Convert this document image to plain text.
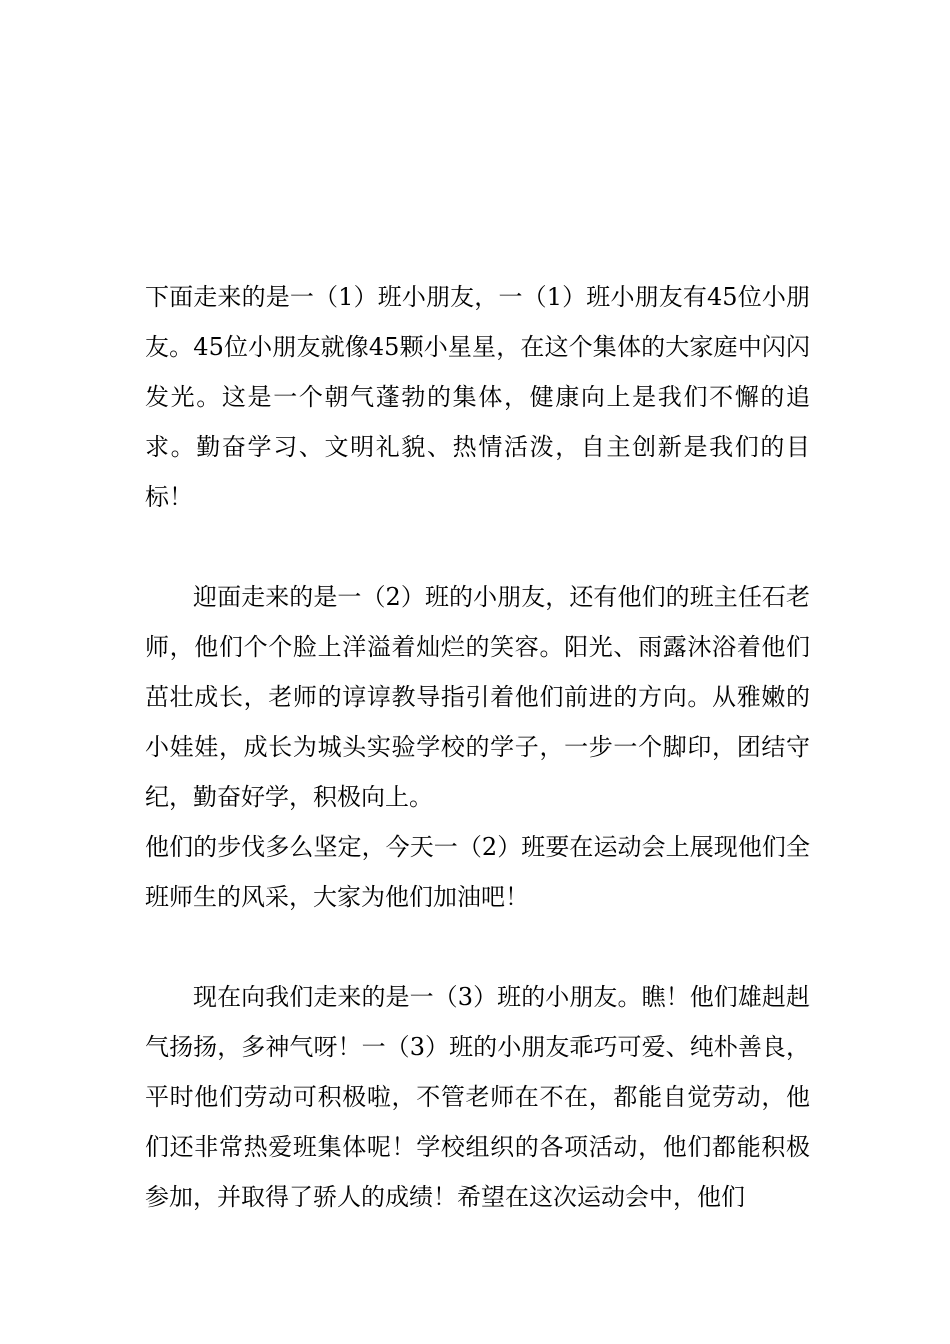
下面走来的是一（1）班小朋友，一（1）班小朋友有45位小朋友。45位小朋友就像45颗小星星，在这个集体的大家庭中闪闪发光。这是一个朝气蓬勃的集体，健康向上是我们不懈的追求。勤奋学习、文明礼貌、热情活泼，自主创新是我们的目标！

迎面走来的是一（2）班的小朋友，还有他们的班主任石老师，他们个个脸上洋溢着灿烂的笑容。阳光、雨露沐浴着他们茁壮成长，老师的谆谆教导指引着他们前进的方向。从雅嫩的小娃娃，成长为城头实验学校的学子，一步一个脚印，团结守纪，勤奋好学，积极向上。

他们的步伐多么坚定，今天一（2）班要在运动会上展现他们全班师生的风采，大家为他们加油吧！

现在向我们走来的是一（3）班的小朋友。瞧！他们雄赳赳气扬扬，多神气呀！一（3）班的小朋友乖巧可爱、纯朴善良，平时他们劳动可积极啦，不管老师在不在，都能自觉劳动，他们还非常热爱班集体呢！学校组织的各项活动，他们都能积极参加，并取得了骄人的成绩！希望在这次运动会中，他们
